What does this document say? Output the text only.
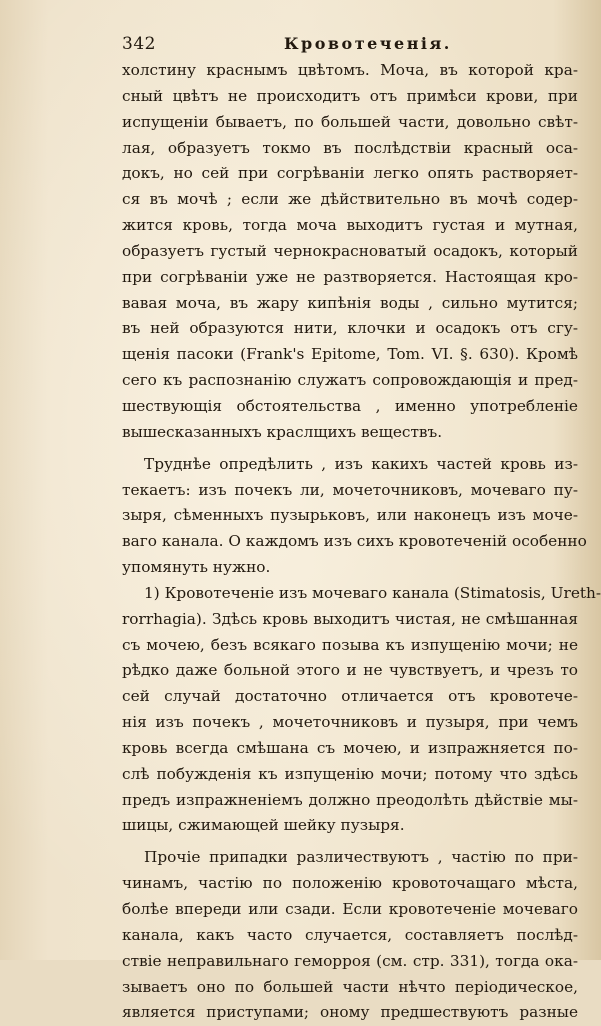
342	Кровотеченія.
холстину краснымъ цвѣтомъ. Моча, въ которой кра-
сный цвѣтъ не происходитъ отъ примѣси крови, при
испущеніи бываетъ, по большей части, довольно свѣт-
лая, образуетъ токмо въ послѣдствіи красный оса-
докъ, но сей при согрѣваніи легко опять растворяет-
ся въ мочѣ ; если же дѣйствительно въ мочѣ содер-
жится кровь, тогда моча выходитъ густая и мутная,
образуетъ густый черноκрасноватый осадокъ, который
при согрѣваніи уже не разтворяется. Настоящая кро-
вавая моча, въ жару кипѣнія воды , сильно мутится;
въ ней образуются нити, клочки и осадокъ отъ сгу-
щенія пасоки (Frank's Epitome, Tom. VI. §. 630). Кромѣ
сего къ распознанію служатъ сопровождающія и пред-
шествующія обстоятельства , именно употребленіе
вышесказанныхъ краслщихъ веществъ.
Труднѣе опредѣлить , изъ какихъ частей кровь из-
текаетъ: изъ почекъ ли, мочеточниковъ, мочеваго пу-
зыря, сѣменныхъ пузырьковъ, или наконецъ изъ моче-
ваго канала. О каждомъ изъ сихъ кровотеченій особенно
упомянуть нужно.
1) Кровотеченіе изъ мочеваго канала (Stimatosis, Ureth-
rorrhagia). Здѣсь кровь выходитъ чистая, не смѣшанная
съ мочею, безъ всякаго позыва къ изпущенію мочи; не
рѣдко даже больной этого и не чувствуетъ, и чрезъ то
сей случай достаточно отличается отъ кровотече-
нія изъ почекъ , мочеточниковъ и пузыря, при чемъ
кровь всегда смѣшана съ мочею, и изпражняется по-
слѣ побужденія къ изпущенію мочи; потому что здѣсь
предъ изпражненіемъ должно преодолѣть дѣйствіе мы-
шицы, сжимающей шейку пузыря.
Прочіе припадки различествуютъ , частію по при-
чинамъ, частію по положенію кровоточащаго мѣста,
болѣе впереди или сзади. Если кровотеченіе мочеваго
канала, какъ часто случается, составляетъ послѣд-
ствіе неправильнаго геморроя (см. стр. 331), тогда ока-
зываетъ оно по большей части нѣчто періодическое,
является приступами; оному предшествуютъ разные
